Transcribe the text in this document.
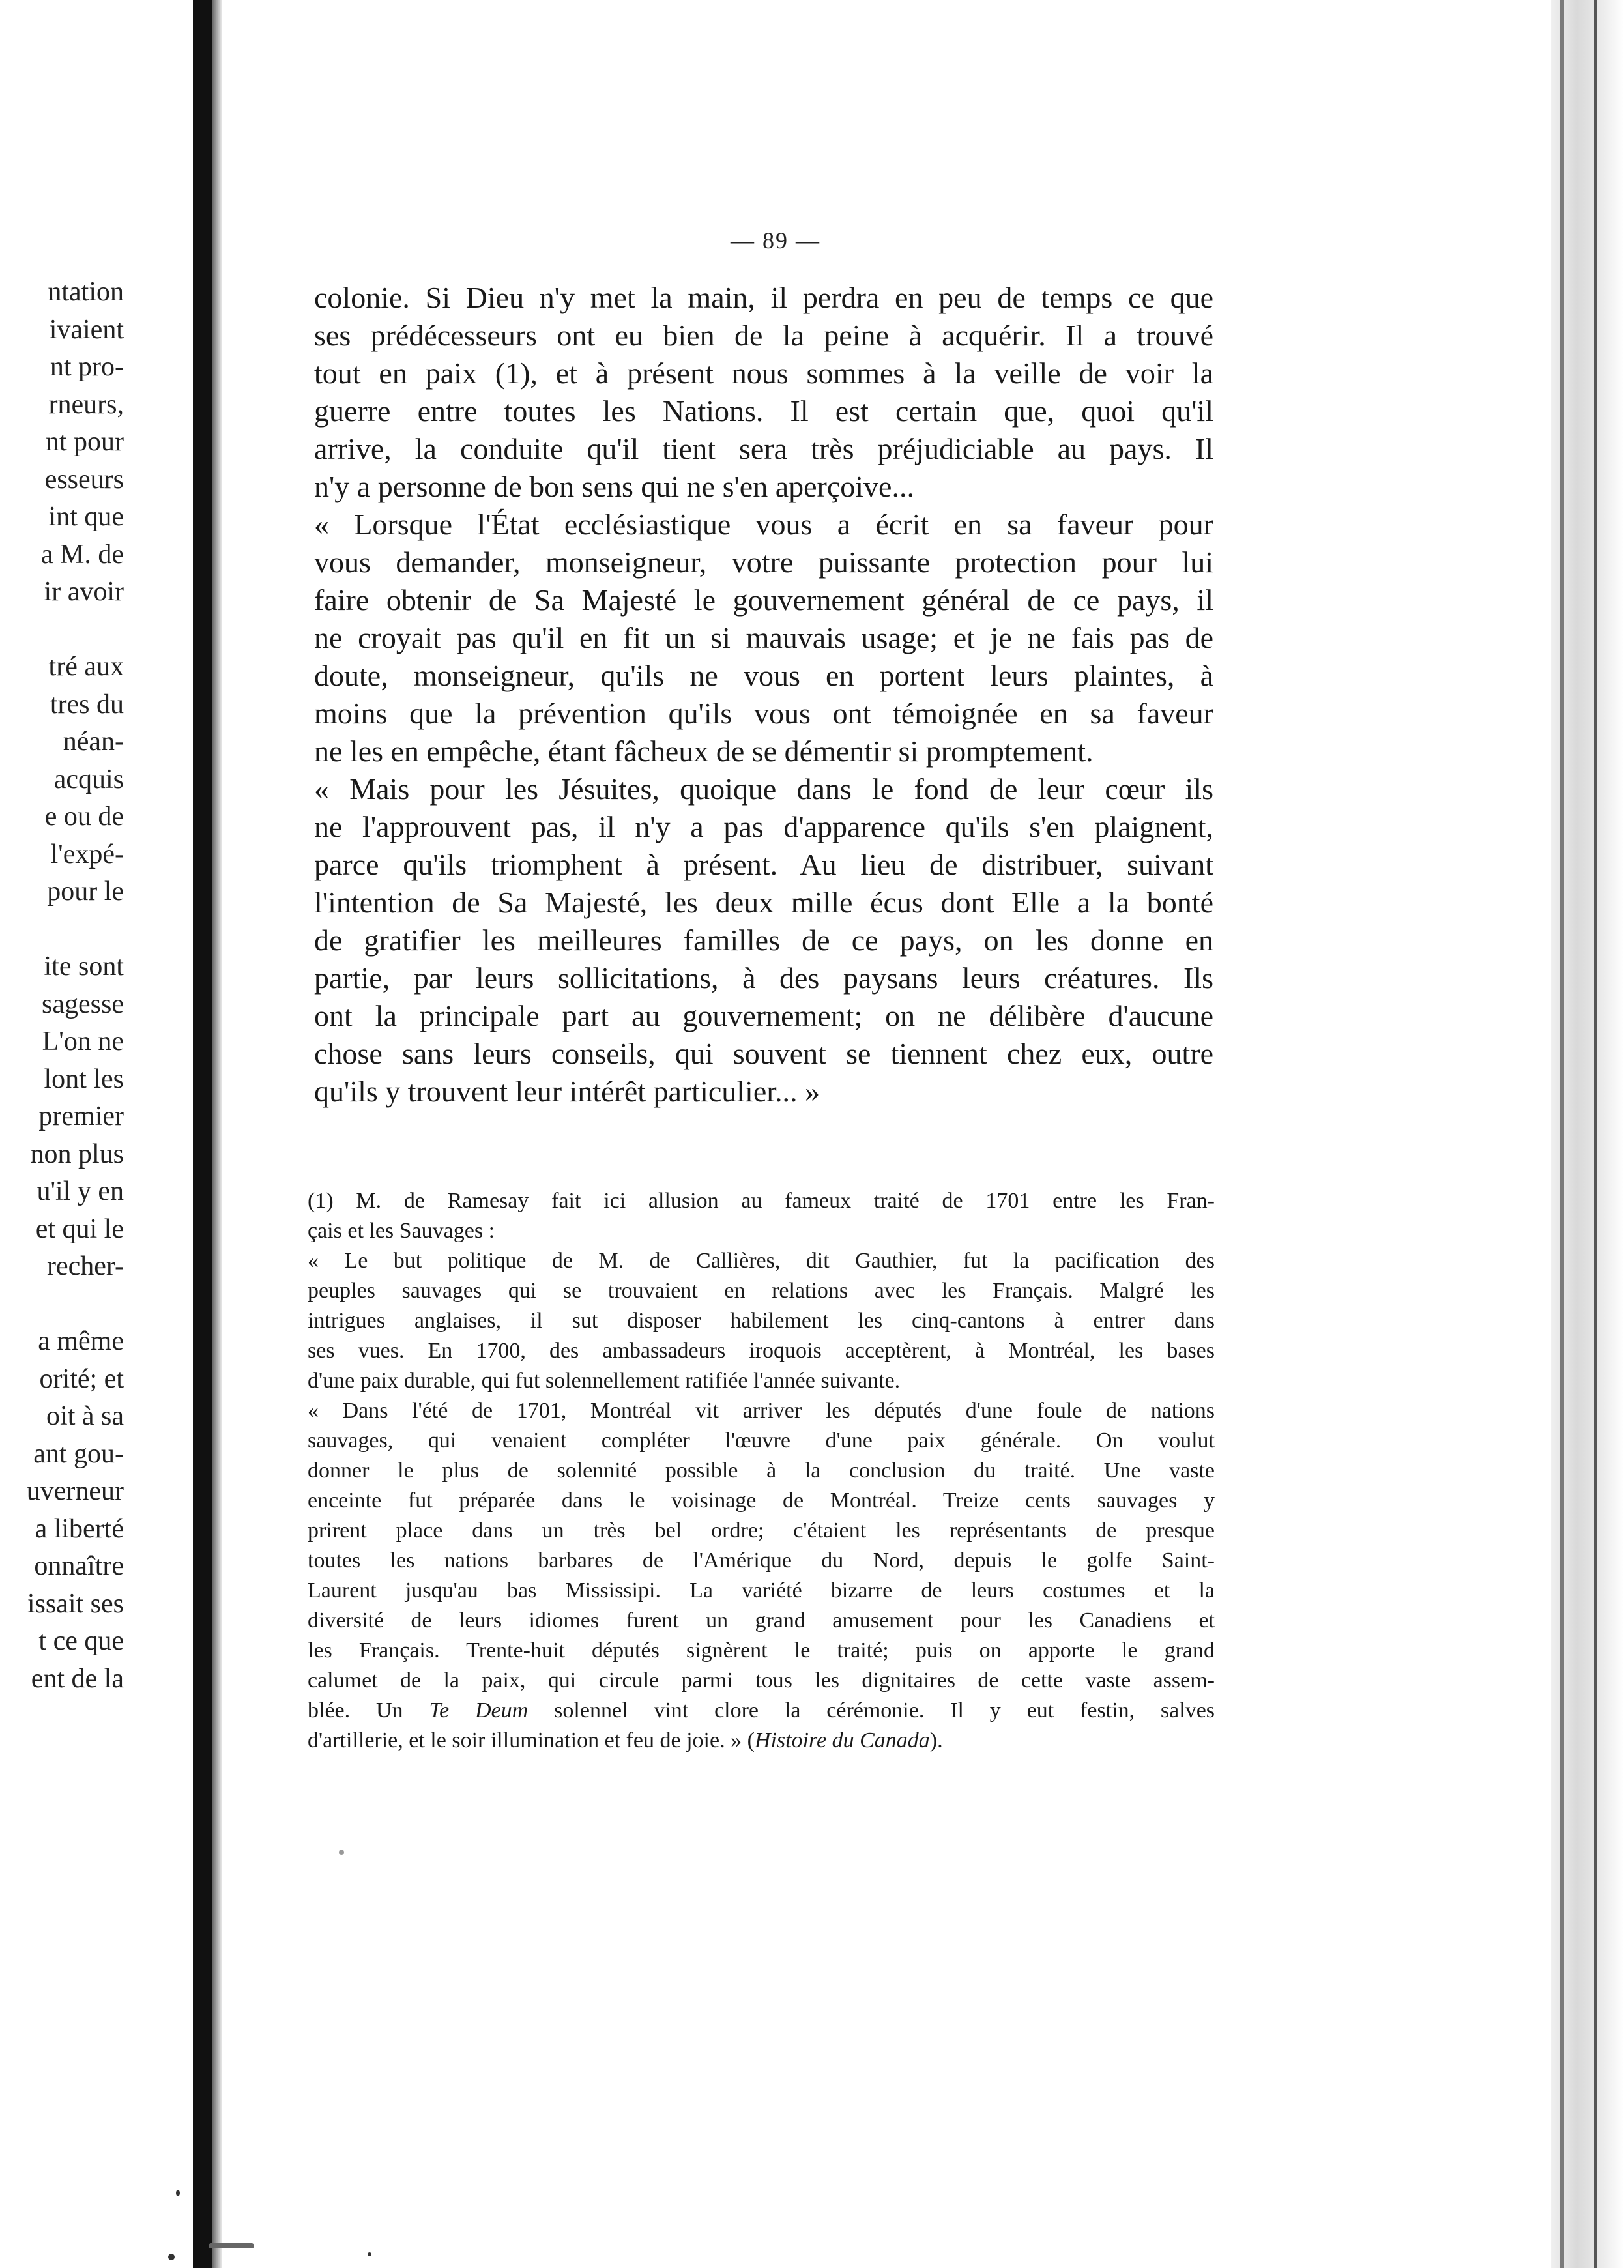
ntation
ivaient
nt pro-
rneurs,
nt pour
esseurs
int que
a M. de
ir avoir
tré aux
tres du
néan-
acquis
e ou de
l'expé-
pour le
ite sont
sagesse
L'on ne
lont les
premier
non plus
u'il y en
et qui le
recher-
a même
orité; et
oit à sa
ant gou-
uverneur
a liberté
onnaître
issait ses
t ce que
ent de la
— 89 —
colonie. Si Dieu n'y met la main, il perdra en peu de temps ce que
ses prédécesseurs ont eu bien de la peine à acquérir. Il a trouvé
tout en paix (1), et à présent nous sommes à la veille de voir la
guerre entre toutes les Nations. Il est certain que, quoi qu'il
arrive, la conduite qu'il tient sera très préjudiciable au pays. Il
n'y a personne de bon sens qui ne s'en aperçoive...
« Lorsque l'État ecclésiastique vous a écrit en sa faveur pour
vous demander, monseigneur, votre puissante protection pour lui
faire obtenir de Sa Majesté le gouvernement général de ce pays, il
ne croyait pas qu'il en fit un si mauvais usage; et je ne fais pas de
doute, monseigneur, qu'ils ne vous en portent leurs plaintes, à
moins que la prévention qu'ils vous ont témoignée en sa faveur
ne les en empêche, étant fâcheux de se démentir si promptement.
« Mais pour les Jésuites, quoique dans le fond de leur cœur ils
ne l'approuvent pas, il n'y a pas d'apparence qu'ils s'en plaignent,
parce qu'ils triomphent à présent. Au lieu de distribuer, suivant
l'intention de Sa Majesté, les deux mille écus dont Elle a la bonté
de gratifier les meilleures familles de ce pays, on les donne en
partie, par leurs sollicitations, à des paysans leurs créatures. Ils
ont la principale part au gouvernement; on ne délibère d'aucune
chose sans leurs conseils, qui souvent se tiennent chez eux, outre
qu'ils y trouvent leur intérêt particulier... »
(1) M. de Ramesay fait ici allusion au fameux traité de 1701 entre les Fran-
çais et les Sauvages :
« Le but politique de M. de Callières, dit Gauthier, fut la pacification des
peuples sauvages qui se trouvaient en relations avec les Français. Malgré les
intrigues anglaises, il sut disposer habilement les cinq-cantons à entrer dans
ses vues. En 1700, des ambassadeurs iroquois acceptèrent, à Montréal, les bases
d'une paix durable, qui fut solennellement ratifiée l'année suivante.
« Dans l'été de 1701, Montréal vit arriver les députés d'une foule de nations
sauvages, qui venaient compléter l'œuvre d'une paix générale. On voulut
donner le plus de solennité possible à la conclusion du traité. Une vaste
enceinte fut préparée dans le voisinage de Montréal. Treize cents sauvages y
prirent place dans un très bel ordre; c'étaient les représentants de presque
toutes les nations barbares de l'Amérique du Nord, depuis le golfe Saint-
Laurent jusqu'au bas Mississipi. La variété bizarre de leurs costumes et la
diversité de leurs idiomes furent un grand amusement pour les Canadiens et
les Français. Trente-huit députés signèrent le traité; puis on apporte le grand
calumet de la paix, qui circule parmi tous les dignitaires de cette vaste assem-
blée. Un Te Deum solennel vint clore la cérémonie. Il y eut festin, salves
d'artillerie, et le soir illumination et feu de joie. » (Histoire du Canada).
